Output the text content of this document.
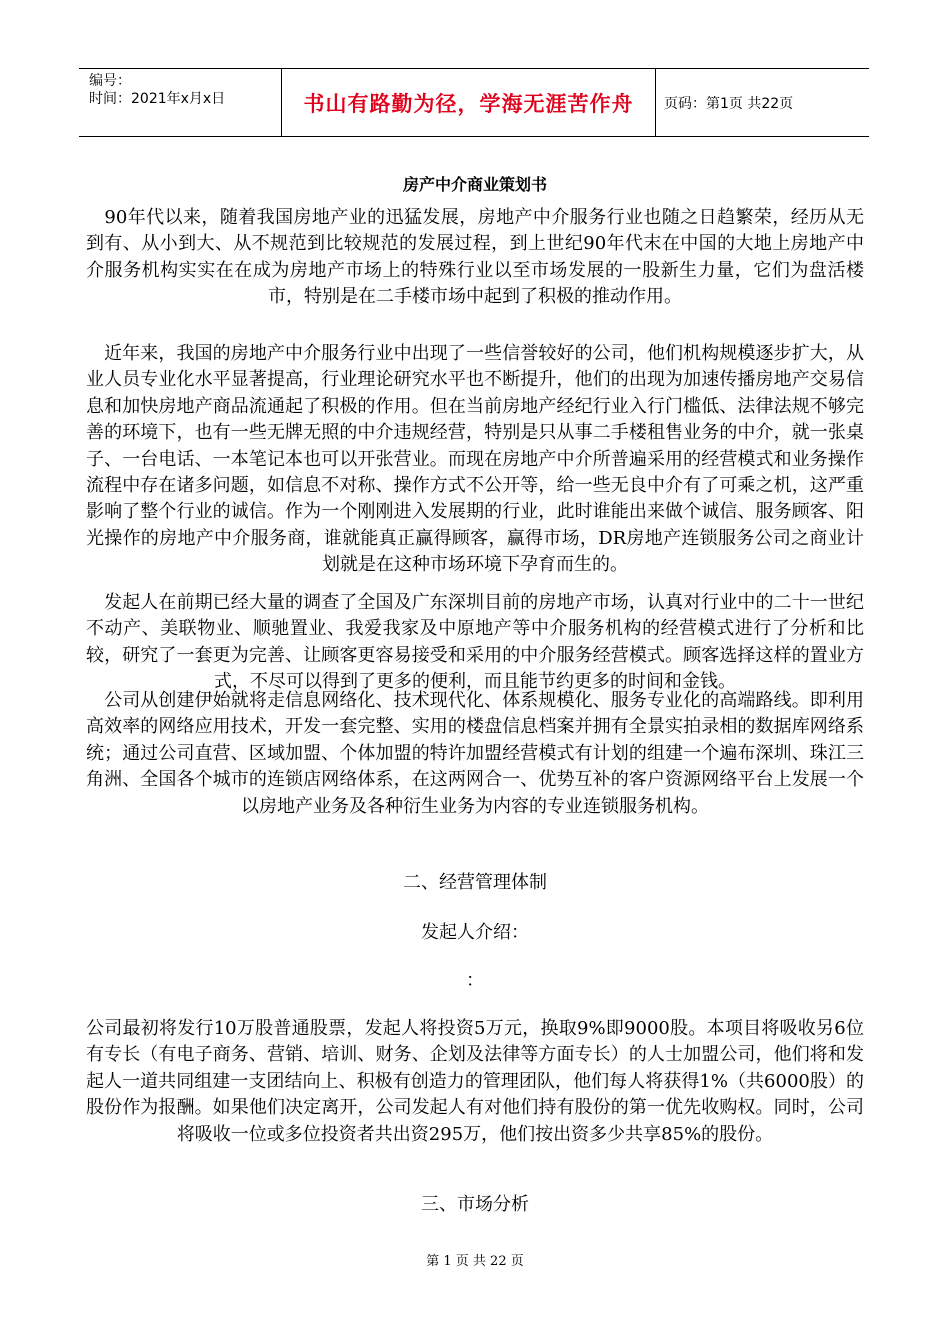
编号：
时间：2021年x月x日	书山有路勤为径，学海无涯苦作舟	页码：第1页 共22页
房产中介商业策划书
　90年代以来，随着我国房地产业的迅猛发展，房地产中介服务行业也随之日趋繁荣，经历从无到有、从小到大、从不规范到比较规范的发展过程，到上世纪90年代末在中国的大地上房地产中介服务机构实实在在成为房地产市场上的特殊行业以至市场发展的一股新生力量，它们为盘活楼市，特别是在二手楼市场中起到了积极的推动作用。
　近年来，我国的房地产中介服务行业中出现了一些信誉较好的公司，他们机构规模逐步扩大，从业人员专业化水平显著提高，行业理论研究水平也不断提升，他们的出现为加速传播房地产交易信息和加快房地产商品流通起了积极的作用。但在当前房地产经纪行业入行门槛低、法律法规不够完善的环境下，也有一些无牌无照的中介违规经营，特别是只从事二手楼租售业务的中介，就一张桌子、一台电话、一本笔记本也可以开张营业。而现在房地产中介所普遍采用的经营模式和业务操作流程中存在诸多问题，如信息不对称、操作方式不公开等，给一些无良中介有了可乘之机，这严重影响了整个行业的诚信。作为一个刚刚进入发展期的行业，此时谁能出来做个诚信、服务顾客、阳光操作的房地产中介服务商，谁就能真正赢得顾客，赢得市场，DR房地产连锁服务公司之商业计划就是在这种市场环境下孕育而生的。
　发起人在前期已经大量的调查了全国及广东深圳目前的房地产市场，认真对行业中的二十一世纪不动产、美联物业、顺驰置业、我爱我家及中原地产等中介服务机构的经营模式进行了分析和比较，研究了一套更为完善、让顾客更容易接受和采用的中介服务经营模式。顾客选择这样的置业方式，不尽可以得到了更多的便利，而且能节约更多的时间和金钱。
　公司从创建伊始就将走信息网络化、技术现代化、体系规模化、服务专业化的高端路线。即利用高效率的网络应用技术，开发一套完整、实用的楼盘信息档案并拥有全景实拍录相的数据库网络系统；通过公司直营、区域加盟、个体加盟的特许加盟经营模式有计划的组建一个遍布深圳、珠江三角洲、全国各个城市的连锁店网络体系，在这两网合一、优势互补的客户资源网络平台上发展一个以房地产业务及各种衍生业务为内容的专业连锁服务机构。
二、经营管理体制
发起人介绍：
：
公司最初将发行10万股普通股票，发起人将投资5万元，换取9%即9000股。本项目将吸收另6位有专长（有电子商务、营销、培训、财务、企划及法律等方面专长）的人士加盟公司，他们将和发起人一道共同组建一支团结向上、积极有创造力的管理团队，他们每人将获得1%（共6000股）的股份作为报酬。如果他们决定离开，公司发起人有对他们持有股份的第一优先收购权。同时，公司将吸收一位或多位投资者共出资295万，他们按出资多少共享85%的股份。
三、市场分析
第 1 页 共 22 页
